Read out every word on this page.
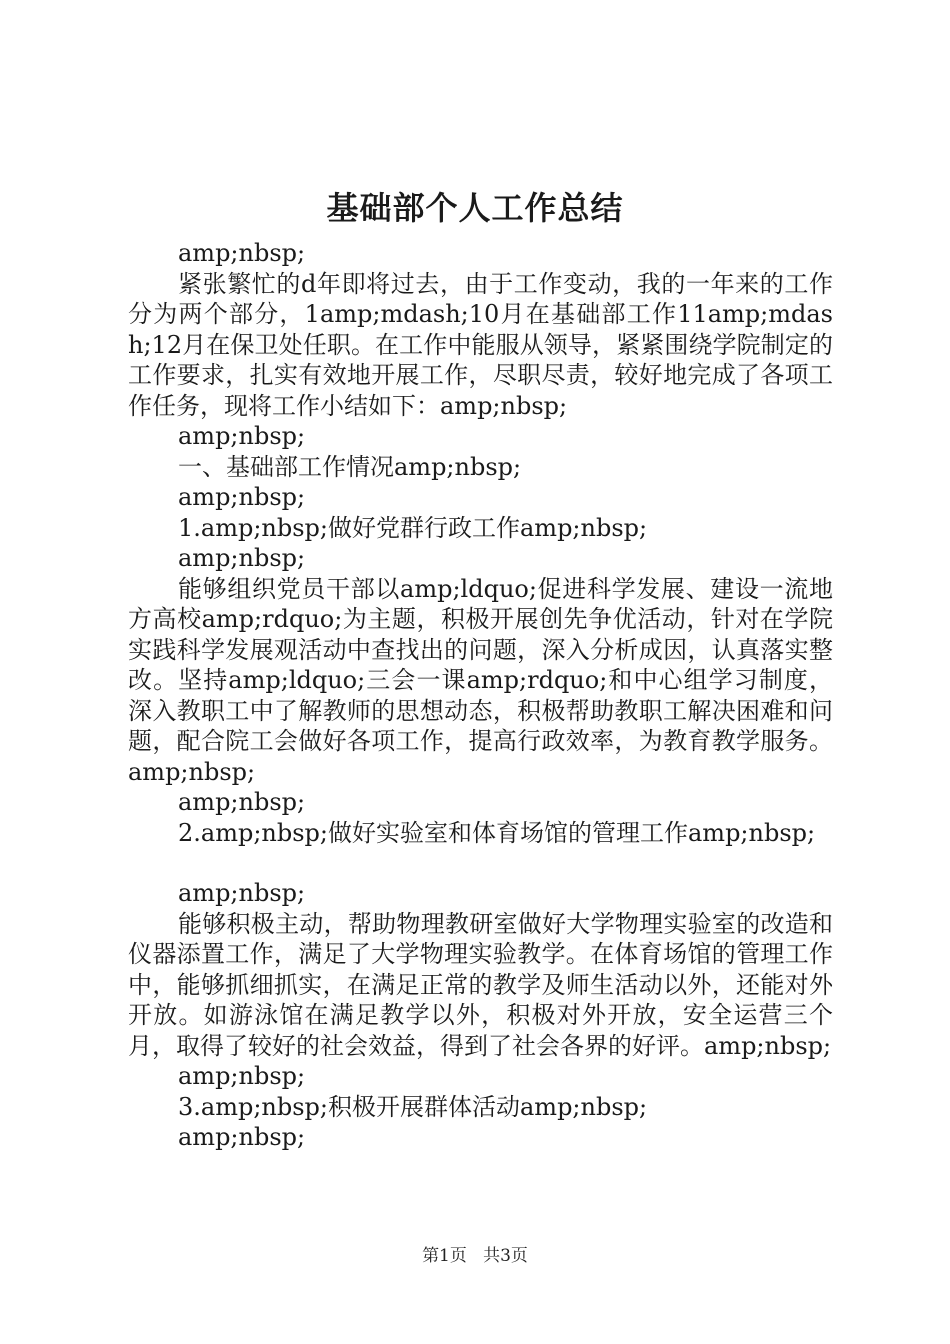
基础部个人工作总结

amp;nbsp;

紧张繁忙的d年即将过去，由于工作变动，我的一年来的工作分为两个部分，1amp;mdash;10月在基础部工作11amp;mdash;12月在保卫处任职。在工作中能服从领导，紧紧围绕学院制定的工作要求，扎实有效地开展工作，尽职尽责，较好地完成了各项工作任务，现将工作小结如下：amp;nbsp;

amp;nbsp;

一、基础部工作情况amp;nbsp;

amp;nbsp;

1.amp;nbsp;做好党群行政工作amp;nbsp;

amp;nbsp;

能够组织党员干部以amp;ldquo;促进科学发展、建设一流地方高校amp;rdquo;为主题，积极开展创先争优活动，针对在学院实践科学发展观活动中查找出的问题，深入分析成因，认真落实整改。坚持amp;ldquo;三会一课amp;rdquo;和中心组学习制度，深入教职工中了解教师的思想动态，积极帮助教职工解决困难和问题，配合院工会做好各项工作，提高行政效率，为教育教学服务。amp;nbsp;

amp;nbsp;

2.amp;nbsp;做好实验室和体育场馆的管理工作amp;nbsp;

amp;nbsp;

能够积极主动，帮助物理教研室做好大学物理实验室的改造和仪器添置工作，满足了大学物理实验教学。在体育场馆的管理工作中，能够抓细抓实，在满足正常的教学及师生活动以外，还能对外开放。如游泳馆在满足教学以外，积极对外开放，安全运营三个月，取得了较好的社会效益，得到了社会各界的好评。amp;nbsp;

amp;nbsp;

3.amp;nbsp;积极开展群体活动amp;nbsp;

amp;nbsp;

第1页 共3页
